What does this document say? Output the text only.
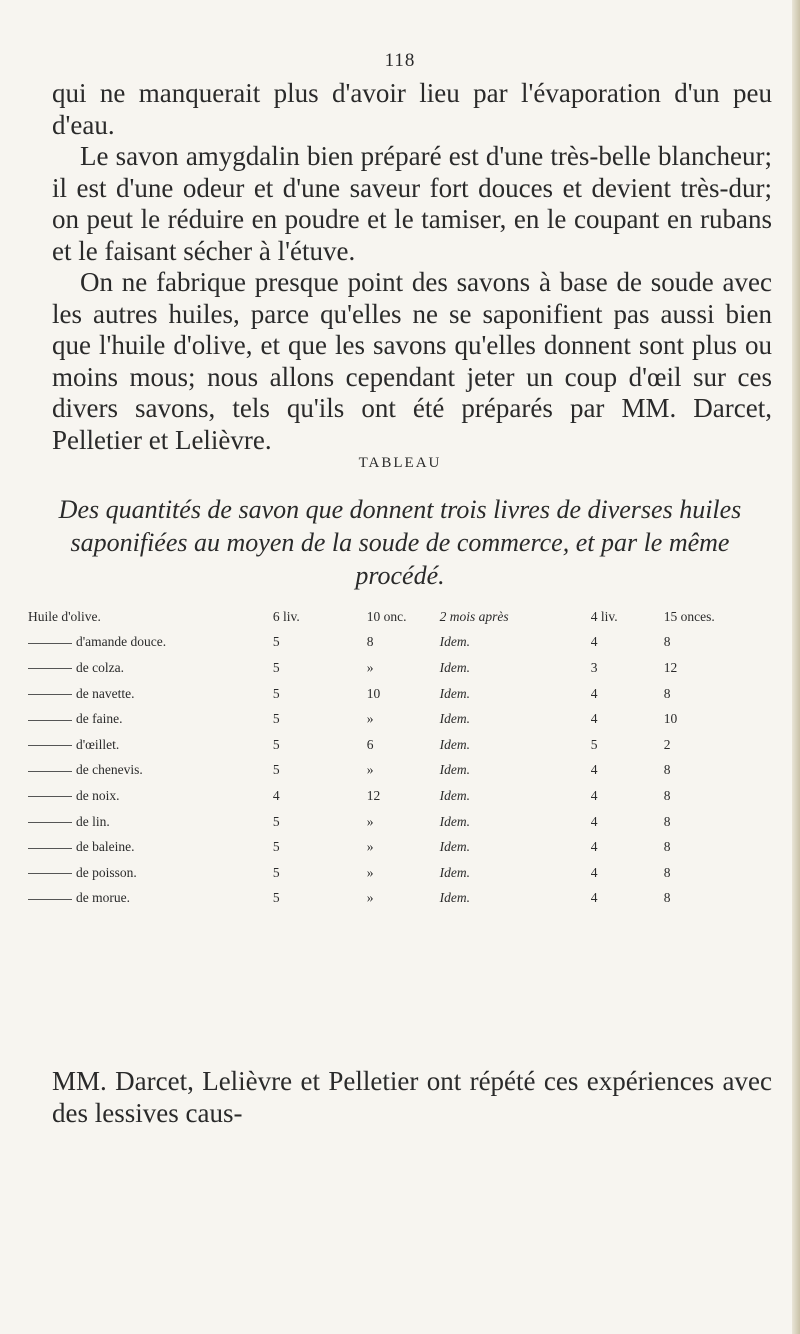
118

qui ne manquerait plus d'avoir lieu par l'évaporation d'un peu d'eau.

Le savon amygdalin bien préparé est d'une très-belle blancheur; il est d'une odeur et d'une saveur fort douces et devient très-dur; on peut le réduire en poudre et le tamiser, en le coupant en rubans et le faisant sécher à l'étuve.

On ne fabrique presque point des savons à base de soude avec les autres huiles, parce qu'elles ne se saponifient pas aussi bien que l'huile d'olive, et que les savons qu'elles donnent sont plus ou moins mous; nous allons cependant jeter un coup d'œil sur ces divers savons, tels qu'ils ont été préparés par MM. Darcet, Pelletier et Lelièvre.

TABLEAU
Des quantités de savon que donnent trois livres de diverses huiles saponifiées au moyen de la soude de commerce, et par le même procédé.
Huile d'olive.	6 liv.	10 onc.	2 mois après	4 liv.	15 onces.
d'amande douce.	5	8	Idem.	4	8
de colza.	5	»	Idem.	3	12
de navette.	5	10	Idem.	4	8
de faine.	5	»	Idem.	4	10
d'œillet.	5	6	Idem.	5	2
de chenevis.	5	»	Idem.	4	8
de noix.	4	12	Idem.	4	8
de lin.	5	»	Idem.	4	8
de baleine.	5	»	Idem.	4	8
de poisson.	5	»	Idem.	4	8
de morue.	5	»	Idem.	4	8

MM. Darcet, Lelièvre et Pelletier ont répété ces expériences avec des lessives caus-
